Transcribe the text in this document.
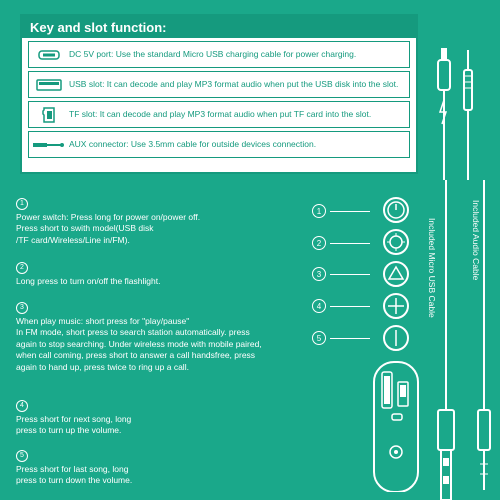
Key and slot function:
DC 5V port: Use the standard Micro USB charging cable for power charging.
USB slot: It can decode and play MP3 format audio when put the USB disk into the slot.
TF slot: It can decode and play MP3 format audio when put TF card into the slot.
AUX connector: Use 3.5mm cable for outside devices connection.
1
Power switch: Press long for power on/power off.
Press short to swith model(USB disk
/TF card/Wireless/Line in/FM).
2
Long press to turn on/off the flashlight.
3
When play music: short press for "play/pause"
In FM mode, short press to search station automatically. press again to stop searching. Under wireless mode with mobile paired, when call coming, press short to answer a call handsfree, press again to hand up, press twice to ring up a call.
4
Press short for next song, long
press to turn up the volume.
5
Press short for last song, long
press to turn down the volume.
1
2
3
4
5
Included Micro USB Cable	Included Audio Cable
